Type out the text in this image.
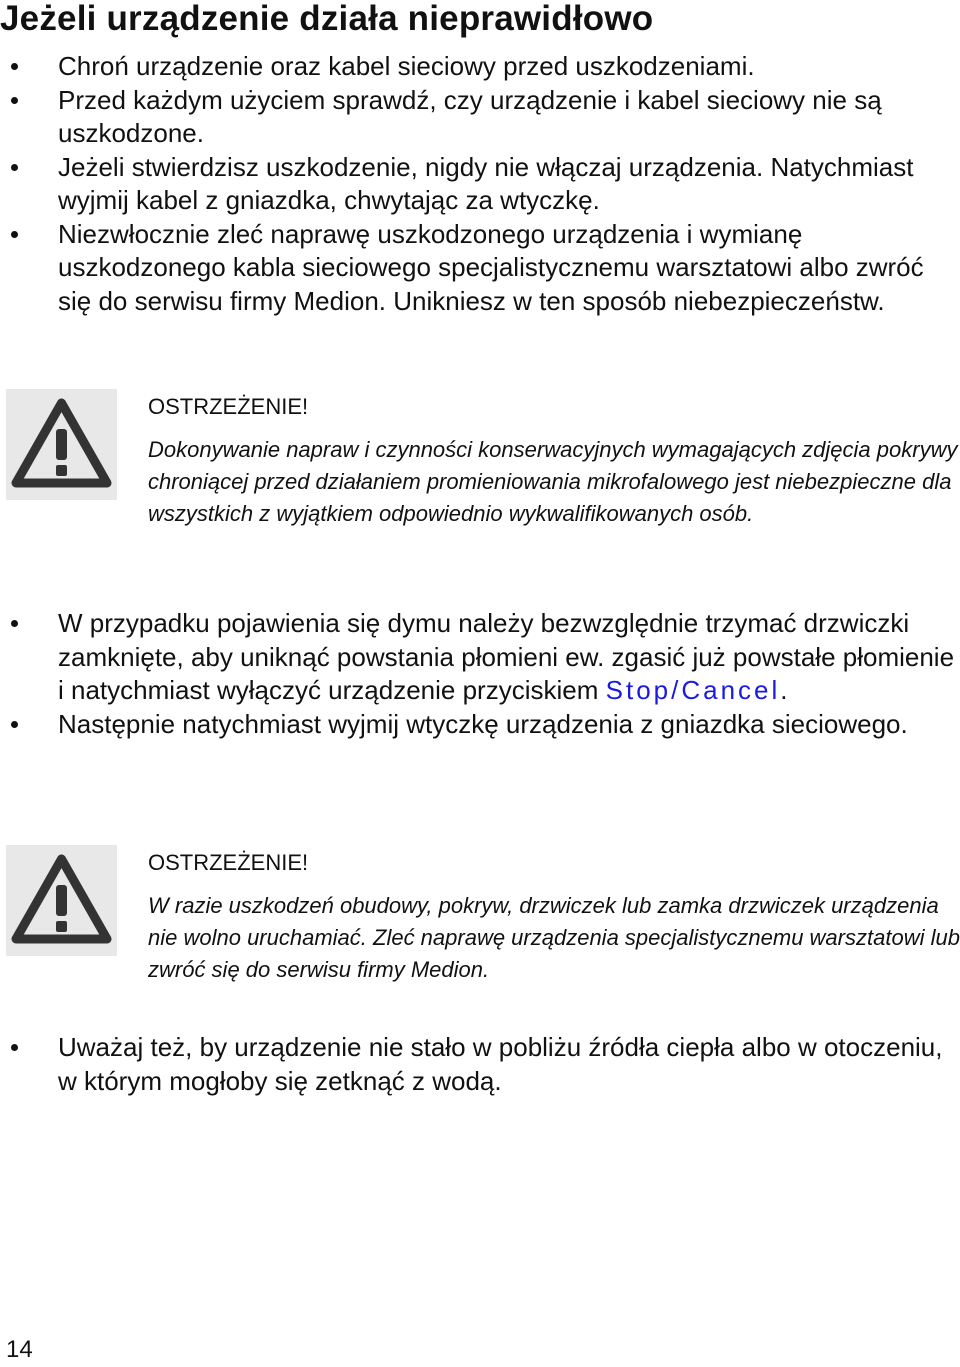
Jeżeli urządzenie działa nieprawidłowo
Chroń urządzenie oraz kabel sieciowy przed uszkodzeniami.
Przed każdym użyciem sprawdź, czy urządzenie i kabel sieciowy nie są uszkodzone.
Jeżeli stwierdzisz uszkodzenie, nigdy nie włączaj urządzenia. Natychmiast wyjmij kabel z gniazdka, chwytając za wtyczkę.
Niezwłocznie zleć naprawę uszkodzonego urządzenia i wymianę uszkodzonego kabla sieciowego specjalistycznemu warsztatowi albo zwróć się do serwisu firmy Medion. Unikniesz w ten sposób niebezpieczeństw.

OSTRZEŻENIE!

Dokonywanie napraw i czynności konserwacyjnych wymagających zdjęcia pokrywy chroniącej przed działaniem promieniowania mikrofalowego jest niebezpieczne dla wszystkich z wyjątkiem odpowiednio wykwalifikowanych osób.

W przypadku pojawienia się dymu należy bezwzględnie trzymać drzwiczki zamknięte, aby uniknąć powstania płomieni ew. zgasić już powstałe płomienie i natychmiast wyłączyć urządzenie przyciskiem Stop/Cancel.
Następnie natychmiast wyjmij wtyczkę urządzenia z gniazdka sieciowego.

OSTRZEŻENIE!

W razie uszkodzeń obudowy, pokryw, drzwiczek lub zamka drzwiczek urządzenia nie wolno uruchamiać. Zleć naprawę urządzenia specjalistycznemu warsztatowi lub zwróć się do serwisu firmy Medion.

Uważaj też, by urządzenie nie stało w pobliżu źródła ciepła albo w otoczeniu, w którym mogłoby się zetknąć z wodą.
14
